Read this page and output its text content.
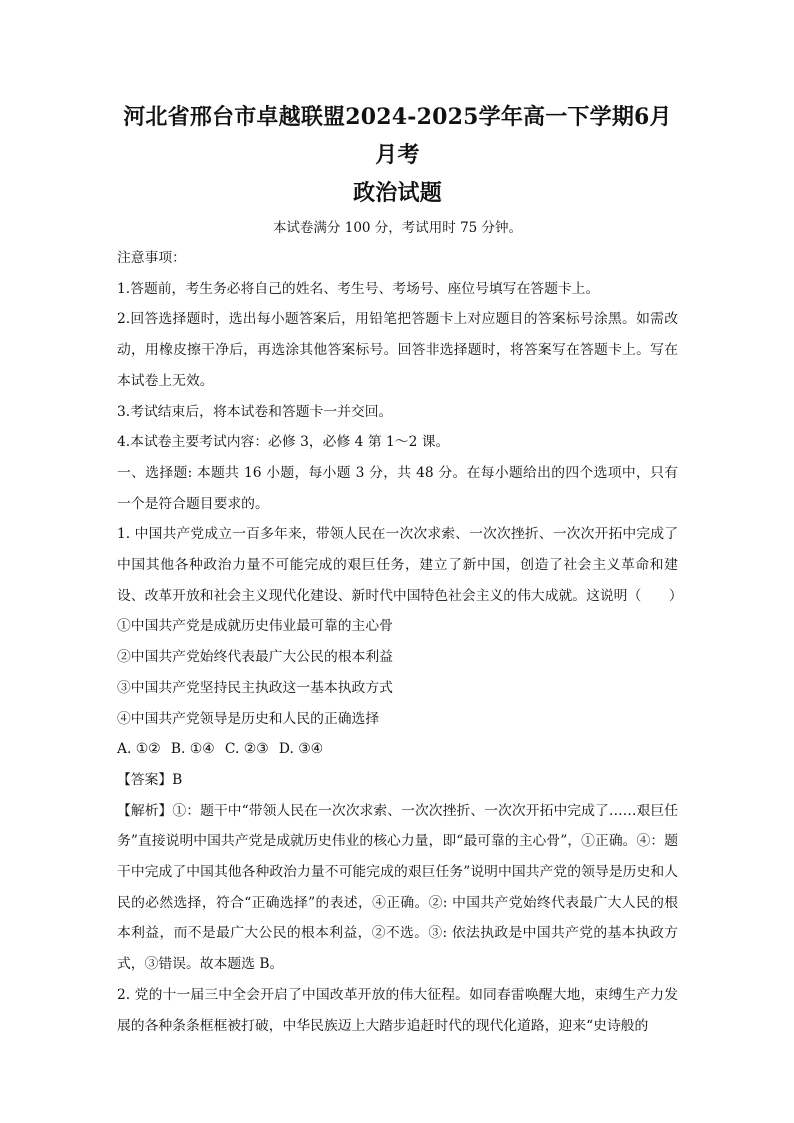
河北省邢台市卓越联盟2024-2025学年高一下学期6月月考
政治试题
本试卷满分 100 分，考试用时 75 分钟。

注意事项：

1.答题前，考生务必将自己的姓名、考生号、考场号、座位号填写在答题卡上。

2.回答选择题时，选出每小题答案后，用铅笔把答题卡上对应题目的答案标号涂黑。如需改动，用橡皮擦干净后，再选涂其他答案标号。回答非选择题时，将答案写在答题卡上。写在本试卷上无效。

3.考试结束后，将本试卷和答题卡一并交回。

4.本试卷主要考试内容：必修 3，必修 4 第 1～2 课。

一、选择题: 本题共 16 小题，每小题 3 分，共 48 分。在每小题给出的四个选项中，只有一个是符合题目要求的。

1. 中国共产党成立一百多年来，带领人民在一次次求索、一次次挫折、一次次开拓中完成了中国其他各种政治力量不可能完成的艰巨任务，建立了新中国，创造了社会主义革命和建设、改革开放和社会主义现代化建设、新时代中国特色社会主义的伟大成就。这说明（　　）

①中国共产党是成就历史伟业最可靠的主心骨

②中国共产党始终代表最广大公民的根本利益

③中国共产党坚持民主执政这一基本执政方式

④中国共产党领导是历史和人民的正确选择

A. ①② B. ①④ C. ②③ D. ③④

【答案】B

【解析】①：题干中“带领人民在一次次求索、一次次挫折、一次次开拓中完成了……艰巨任务”直接说明中国共产党是成就历史伟业的核心力量，即“最可靠的主心骨”，①正确。④：题干中完成了中国其他各种政治力量不可能完成的艰巨任务”说明中国共产党的领导是历史和人民的必然选择，符合“正确选择”的表述，④正确。②: 中国共产党始终代表最广大人民的根本利益，而不是最广大公民的根本利益，②不选。③: 依法执政是中国共产党的基本执政方式，③错误。故本题选 B。

2. 党的十一届三中全会开启了中国改革开放的伟大征程。如同春雷唤醒大地，束缚生产力发展的各种条条框框被打破，中华民族迈上大踏步追赶时代的现代化道路，迎来“史诗般的
